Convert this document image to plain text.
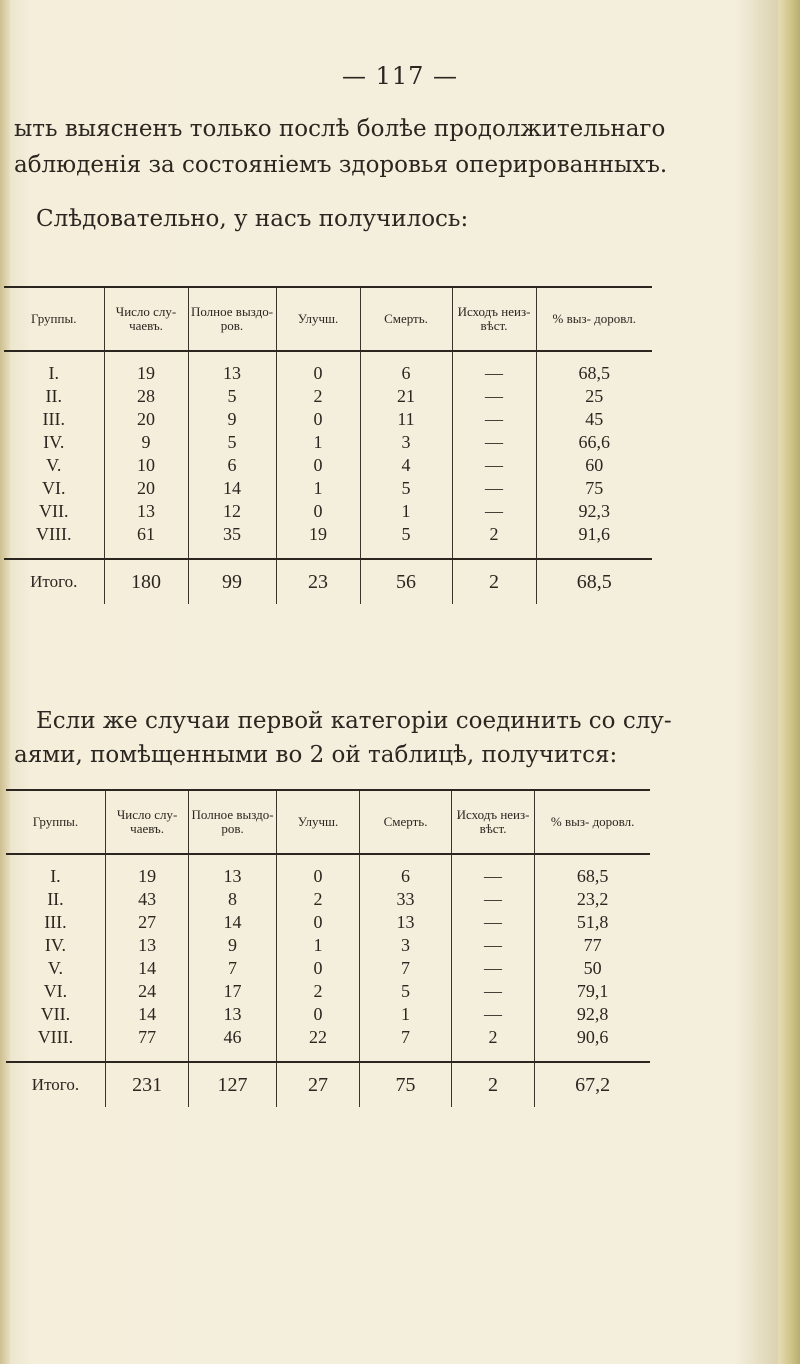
— 117 —
ыть выясненъ только послѣ болѣе продолжительнаго
аблюденія за состояніемъ здоровья оперированныхъ.
Слѣдовательно, у насъ получилось:
Группы.	Число слу- чаевъ.	Полное выздо- ров.	Улучш.	Смерть.	Исходъ неиз- вѣст.	% выз- доровл.
I.	19	13	0	6	—	68,5
II.	28	5	2	21	—	25
III.	20	9	0	11	—	45
IV.	9	5	1	3	—	66,6
V.	10	6	0	4	—	60
VI.	20	14	1	5	—	75
VII.	13	12	0	1	—	92,3
VIII.	61	35	19	5	2	91,6
Итого.	180	99	23	56	2	68,5
Если же случаи первой категоріи соединить со слу-
аями, помѣщенными во 2 ой таблицѣ, получится:
Группы.	Число слу- чаевъ.	Полное выздо- ров.	Улучш.	Смерть.	Исходъ неиз- вѣст.	% выз- доровл.
I.	19	13	0	6	—	68,5
II.	43	8	2	33	—	23,2
III.	27	14	0	13	—	51,8
IV.	13	9	1	3	—	77
V.	14	7	0	7	—	50
VI.	24	17	2	5	—	79,1
VII.	14	13	0	1	—	92,8
VIII.	77	46	22	7	2	90,6
Итого.	231	127	27	75	2	67,2
